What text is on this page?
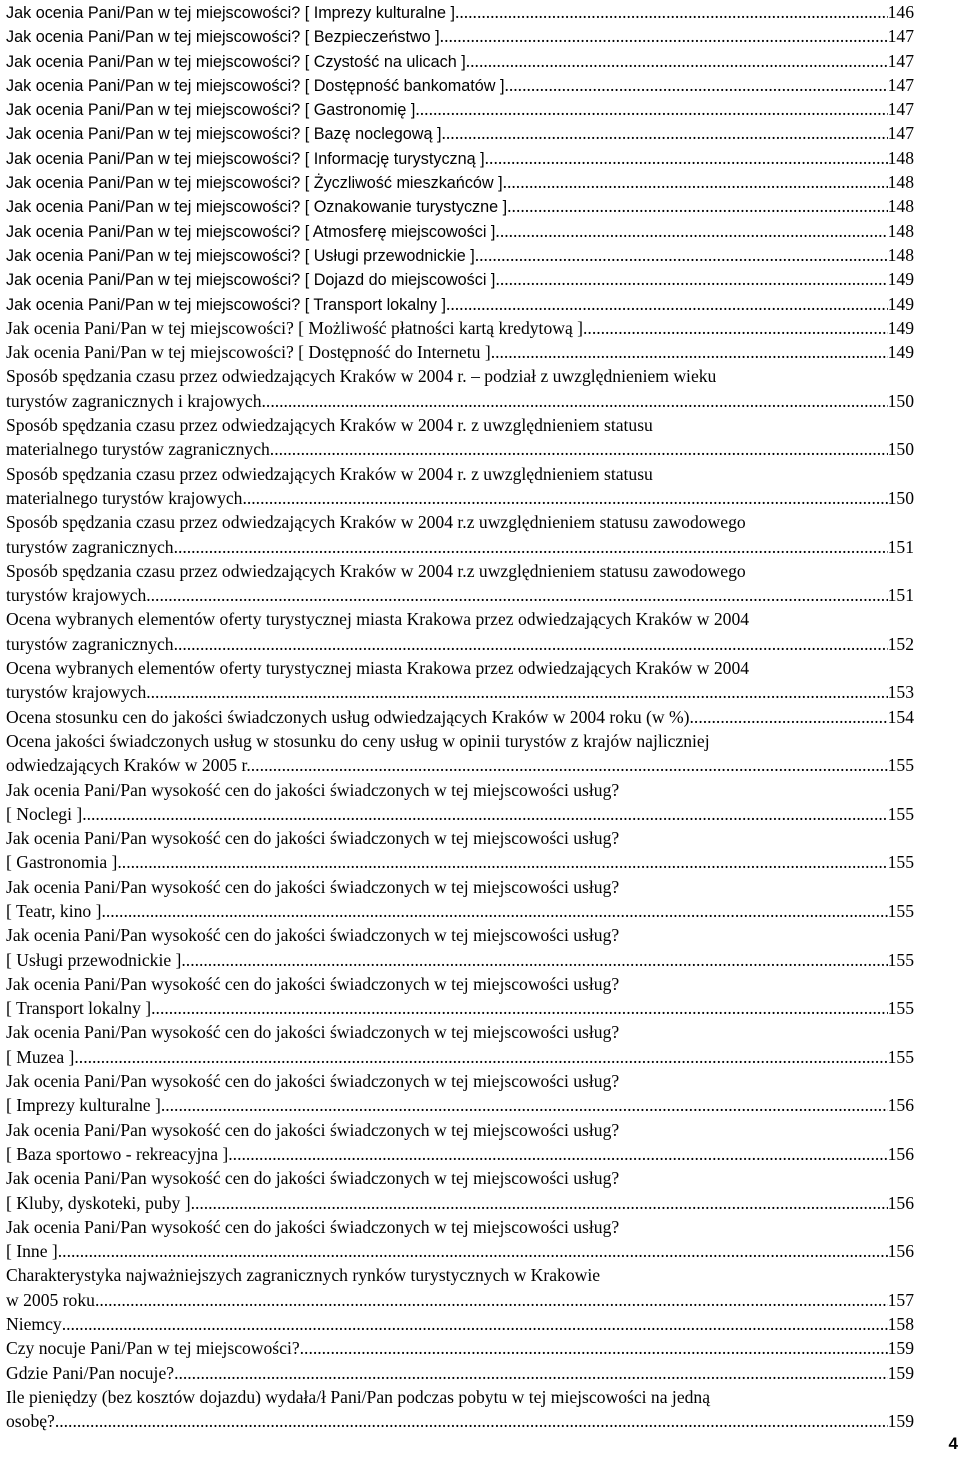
Jak ocenia Pani/Pan w tej miejscowości? [ Imprezy kulturalne ] .....	146
Jak ocenia Pani/Pan w tej miejscowości? [ Bezpieczeństwo ] .....	147
Jak ocenia Pani/Pan w tej miejscowości? [ Czystość na ulicach ] .....	147
Jak ocenia Pani/Pan w tej miejscowości? [ Dostępność bankomatów ] .....	147
Jak ocenia Pani/Pan w tej miejscowości? [ Gastronomię ] .....	147
Jak ocenia Pani/Pan w tej miejscowości? [ Bazę noclegową ] .....	147
Jak ocenia Pani/Pan w tej miejscowości? [ Informację turystyczną ] .....	148
Jak ocenia Pani/Pan w tej miejscowości? [ Życzliwość mieszkańców ] .....	148
Jak ocenia Pani/Pan w tej miejscowości? [ Oznakowanie turystyczne ] .....	148
Jak ocenia Pani/Pan w tej miejscowości? [ Atmosferę miejscowości ] .....	148
Jak ocenia Pani/Pan w tej miejscowości? [ Usługi przewodnickie ] .....	148
Jak ocenia Pani/Pan w tej miejscowości? [ Dojazd do miejscowości ] .....	149
Jak ocenia Pani/Pan w tej miejscowości? [ Transport lokalny ] .....	149
Jak ocenia Pani/Pan w tej miejscowości? [ Możliwość płatności kartą kredytową ] .....	149
Jak ocenia Pani/Pan w tej miejscowości? [ Dostępność do Internetu ] .....	149
Sposób spędzania czasu przez odwiedzających Kraków w 2004 r. – podział z uwzględnieniem wieku
turystów zagranicznych i krajowych .....	150
Sposób spędzania czasu przez odwiedzających Kraków w 2004 r. z uwzględnieniem statusu
materialnego turystów zagranicznych .....	150
Sposób spędzania czasu przez odwiedzających Kraków w 2004 r. z uwzględnieniem statusu
materialnego turystów krajowych .....	150
Sposób spędzania czasu przez odwiedzających Kraków w 2004 r.z uwzględnieniem statusu zawodowego
turystów zagranicznych .....	151
Sposób spędzania czasu przez odwiedzających Kraków w 2004 r.z uwzględnieniem statusu zawodowego
turystów krajowych .....	151
Ocena wybranych elementów oferty turystycznej miasta Krakowa przez odwiedzających Kraków w 2004
turystów zagranicznych .....	152
Ocena wybranych elementów oferty turystycznej miasta Krakowa przez odwiedzających Kraków w 2004
turystów krajowych .....	153
Ocena stosunku cen do jakości świadczonych usług odwiedzających Kraków w 2004 roku (w %) .....	154
Ocena jakości świadczonych usług w stosunku do ceny usług w opinii turystów z krajów najliczniej
odwiedzających Kraków w 2005 r. .....	155
Jak ocenia Pani/Pan wysokość cen do jakości świadczonych w tej miejscowości usług?
[ Noclegi ] .....	155
Jak ocenia Pani/Pan wysokość cen do jakości świadczonych w tej miejscowości usług?
[ Gastronomia ] .....	155
Jak ocenia Pani/Pan wysokość cen do jakości świadczonych w tej miejscowości usług?
[ Teatr, kino ] .....	155
Jak ocenia Pani/Pan wysokość cen do jakości świadczonych w tej miejscowości usług?
[ Usługi przewodnickie ] .....	155
Jak ocenia Pani/Pan wysokość cen do jakości świadczonych w tej miejscowości usług?
[ Transport lokalny ] .....	155
Jak ocenia Pani/Pan wysokość cen do jakości świadczonych w tej miejscowości usług?
[ Muzea ] .....	155
Jak ocenia Pani/Pan wysokość cen do jakości świadczonych w tej miejscowości usług?
[ Imprezy kulturalne ] .....	156
Jak ocenia Pani/Pan wysokość cen do jakości świadczonych w tej miejscowości usług?
[ Baza sportowo - rekreacyjna ] .....	156
Jak ocenia Pani/Pan wysokość cen do jakości świadczonych w tej miejscowości usług?
[ Kluby, dyskoteki, puby ] .....	156
Jak ocenia Pani/Pan wysokość cen do jakości świadczonych w tej miejscowości usług?
[ Inne ] .....	156
Charakterystyka najważniejszych zagranicznych rynków turystycznych w Krakowie
w 2005 roku .....	157
Niemcy .....	158
Czy nocuje Pani/Pan w tej miejscowości? .....	159
Gdzie Pani/Pan nocuje? .....	159
Ile pieniędzy (bez kosztów dojazdu) wydała/ł Pani/Pan podczas pobytu w tej miejscowości na jedną
osobę? .....	159
4
